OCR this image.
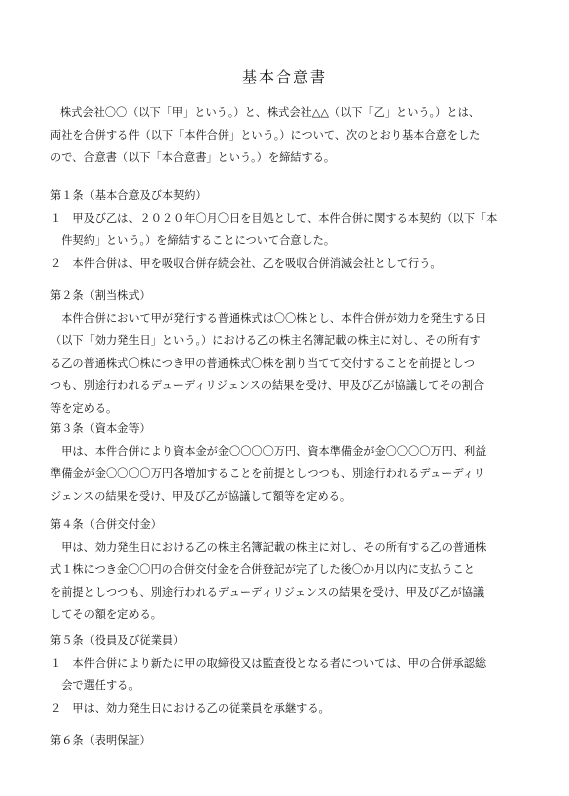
基本合意書
株式会社〇〇（以下「甲」という。）と、株式会社△△（以下「乙」という。）とは、
両社を合併する件（以下「本件合併」という。）について、次のとおり基本合意をした
ので、合意書（以下「本合意書」という。）を締結する。
第１条（基本合意及び本契約）
１　甲及び乙は、２０２０年〇月〇日を目処として、本件合併に関する本契約（以下「本
　件契約」という。）を締結することについて合意した。
２　本件合併は、甲を吸収合併存続会社、乙を吸収合併消滅会社として行う。
第２条（割当株式）
　本件合併において甲が発行する普通株式は〇〇株とし、本件合併が効力を発生する日
（以下「効力発生日」という。）における乙の株主名簿記載の株主に対し、その所有す
る乙の普通株式〇株につき甲の普通株式〇株を割り当てて交付することを前提としつ
つも、別途行われるデューディリジェンスの結果を受け、甲及び乙が協議してその割合
等を定める。
第３条（資本金等）
　甲は、本件合併により資本金が金〇〇〇〇万円、資本準備金が金〇〇〇〇万円、利益
準備金が金〇〇〇〇万円各増加することを前提としつつも、別途行われるデューディリ
ジェンスの結果を受け、甲及び乙が協議して額等を定める。
第４条（合併交付金）
　甲は、効力発生日における乙の株主名簿記載の株主に対し、その所有する乙の普通株
式１株につき金〇〇円の合併交付金を合併登記が完了した後〇か月以内に支払うこと
を前提としつつも、別途行われるデューディリジェンスの結果を受け、甲及び乙が協議
してその額を定める。
第５条（役員及び従業員）
１　本件合併により新たに甲の取締役又は監査役となる者については、甲の合併承認総
　会で選任する。
２　甲は、効力発生日における乙の従業員を承継する。
第６条（表明保証）
